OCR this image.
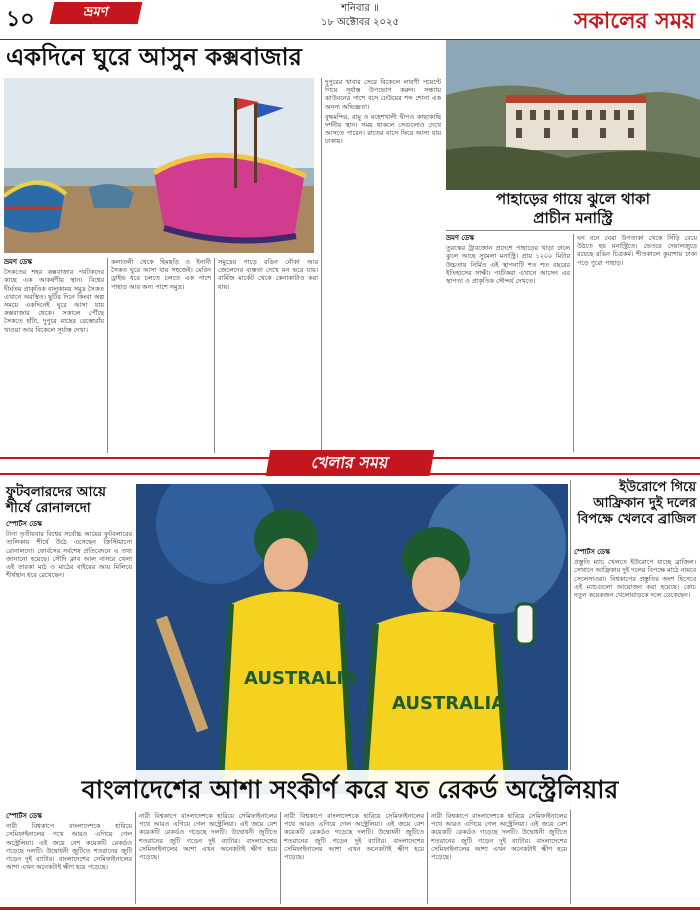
১০	ভ্রমণ	শনিবার ॥
১৮ অক্টোবর ২০২৫	সকালের সময়
একদিনে ঘুরে আসুন কক্সবাজার

ভ্রমণ ডেস্ক

সৈকতের শহর কক্সবাজার পর্যটকদের কাছে এক আকর্ষণীয় স্থান। বিশ্বের দীর্ঘতম প্রাকৃতিক বালুকাময় সমুদ্র সৈকত এখানে অবস্থিত। ছুটির দিনে কিংবা অল্প সময়ে একদিনেই ঘুরে আসা যায় কক্সবাজার থেকে। সকালে পৌঁছে সৈকতে হাঁটা, দুপুরে মাছের রেস্তোরাঁয় খাওয়া আর বিকেলে সূর্যাস্ত দেখা।

কলাতলী থেকে হিমছড়ি ও ইনানী সৈকত ঘুরে আসা যায় সহজেই। মেরিন ড্রাইভ ধরে চলতে চলতে এক পাশে পাহাড় আর অন্য পাশে সমুদ্র।

সমুদ্রের পাড়ে রঙিন নৌকা আর জেলেদের ব্যস্ততা দেখে মন ভরে যায়। বার্মিজ মার্কেট থেকে কেনাকাটাও করা যায়।

দুপুরের খাবার সেরে বিকেলে লাবণী পয়েন্টে গিয়ে সূর্যাস্ত উপভোগ করুন। সন্ধ্যায় ঝাউবনের পাশে বসে ঢেউয়ের শব্দ শোনা এক অনন্য অভিজ্ঞতা।

বুদ্ধমন্দির, রামু ও মহেশখালী দ্বীপও কাছাকাছি দর্শনীয় স্থান। সময় থাকলে সেগুলোও দেখে আসতে পারেন। রাতের বাসে ফিরে আসা যায় ঢাকায়।

পাহাড়ের গায়ে ঝুলে থাকা
প্রাচীন মনাস্ট্রি

ভ্রমণ ডেস্ক

তুরস্কের ট্রাবজোন প্রদেশে পাহাড়ের খাড়া ঢালে ঝুলে আছে সুমেলা মনাস্ট্রি। প্রায় ১২০০ মিটার উচ্চতায় নির্মিত এই স্থাপনাটি শত শত বছরের ইতিহাসের সাক্ষী। পর্যটকরা এখানে আসেন এর স্থাপত্য ও প্রাকৃতিক সৌন্দর্য দেখতে।

ঘন বনে ঘেরা উপত্যকা থেকে সিঁড়ি বেয়ে উঠতে হয় মনাস্ট্রিতে। ভেতরে দেয়ালজুড়ে রয়েছে রঙিন চিত্রকর্ম। শীতকালে কুয়াশায় ঢাকা পড়ে পুরো পাহাড়।

খেলার সময়
ফুটবলারদের আয়ে শীর্ষে রোনালদো

স্পোর্টস ডেস্ক

টানা তৃতীয়বার বিশ্বের সর্বোচ্চ আয়ের ফুটবলারের তালিকায় শীর্ষে উঠে এসেছেন ক্রিস্টিয়ানো রোনালদো। ফোর্বসের সর্বশেষ প্রতিবেদনে এ তথ্য জানানো হয়েছে। সৌদি ক্লাব আল নাসরে খেলা এই তারকা মাঠ ও মাঠের বাইরের আয় মিলিয়ে শীর্ষস্থান ধরে রেখেছেন।

AUSTRALIA
AUSTRALIA
ইউরোপে গিয়ে আফ্রিকান দুই দলের বিপক্ষে খেলবে ব্রাজিল

স্পোর্টস ডেস্ক

প্রস্তুতি ম্যাচ খেলতে ইউরোপে যাচ্ছে ব্রাজিল। সেখানে আফ্রিকার দুই দলের বিপক্ষে মাঠে নামবে সেলেসাওরা। বিশ্বকাপের প্রস্তুতির অংশ হিসেবে এই ম্যাচগুলো আয়োজন করা হয়েছে। কোচ নতুন কয়েকজন খেলোয়াড়কে দলে ডেকেছেন।

বাংলাদেশের আশা সংকীর্ণ করে যত রেকর্ড অস্ট্রেলিয়ার

স্পোর্টস ডেস্ক

নারী বিশ্বকাপে বাংলাদেশকে হারিয়ে সেমিফাইনালের পথে আরও এগিয়ে গেল অস্ট্রেলিয়া। এই জয়ে বেশ কয়েকটি রেকর্ডও গড়েছে দলটি। উদ্বোধনী জুটিতে শতরানের জুটি গড়েন দুই ব্যাটার। বাংলাদেশের সেমিফাইনালের আশা এখন অনেকটাই ক্ষীণ হয়ে পড়েছে।

নারী বিশ্বকাপে বাংলাদেশকে হারিয়ে সেমিফাইনালের পথে আরও এগিয়ে গেল অস্ট্রেলিয়া। এই জয়ে বেশ কয়েকটি রেকর্ডও গড়েছে দলটি। উদ্বোধনী জুটিতে শতরানের জুটি গড়েন দুই ব্যাটার। বাংলাদেশের সেমিফাইনালের আশা এখন অনেকটাই ক্ষীণ হয়ে পড়েছে।

নারী বিশ্বকাপে বাংলাদেশকে হারিয়ে সেমিফাইনালের পথে আরও এগিয়ে গেল অস্ট্রেলিয়া। এই জয়ে বেশ কয়েকটি রেকর্ডও গড়েছে দলটি। উদ্বোধনী জুটিতে শতরানের জুটি গড়েন দুই ব্যাটার। বাংলাদেশের সেমিফাইনালের আশা এখন অনেকটাই ক্ষীণ হয়ে পড়েছে।

নারী বিশ্বকাপে বাংলাদেশকে হারিয়ে সেমিফাইনালের পথে আরও এগিয়ে গেল অস্ট্রেলিয়া। এই জয়ে বেশ কয়েকটি রেকর্ডও গড়েছে দলটি। উদ্বোধনী জুটিতে শতরানের জুটি গড়েন দুই ব্যাটার। বাংলাদেশের সেমিফাইনালের আশা এখন অনেকটাই ক্ষীণ হয়ে পড়েছে।
